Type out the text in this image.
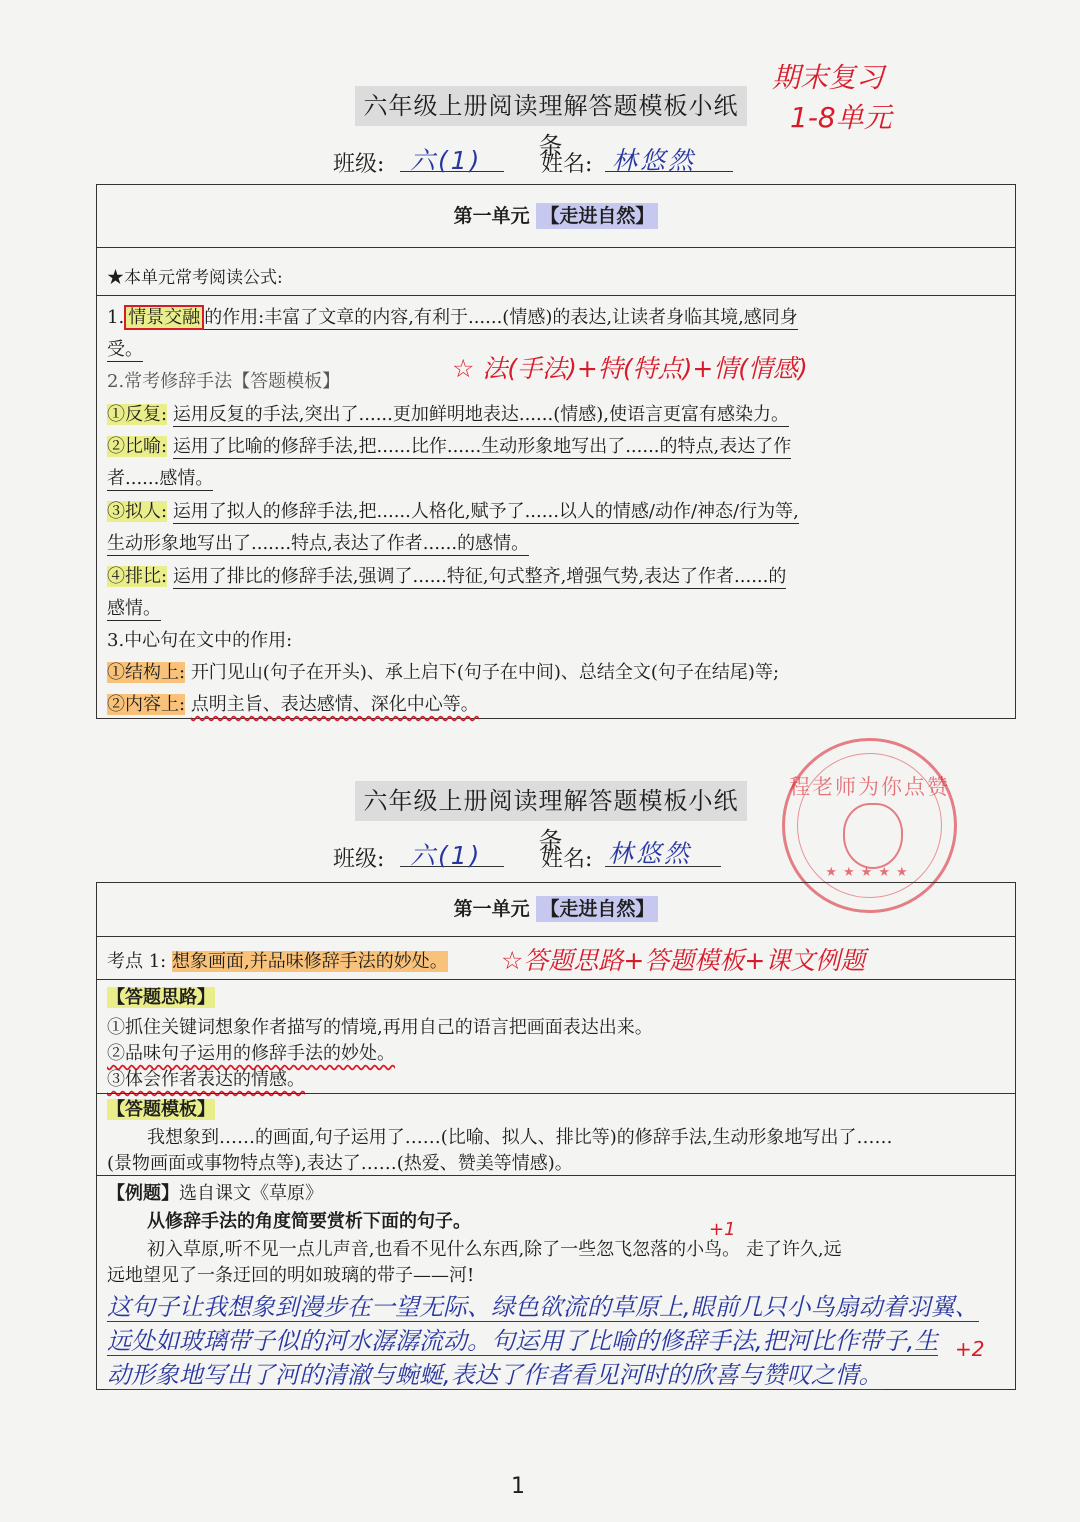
期末复习
1-8单元
六年级上册阅读理解答题模板小纸条
班级: 六(1)	姓名: 林悠然
第一单元 【走进自然】
★本单元常考阅读公式:
1. 情景交融 的作用:丰富了文章的内容,有利于......(情感)的表达,让读者身临其境,感同身
受。
2.常考修辞手法【答题模板】	☆ 法(手法)+特(特点)+情(情感)
①反复: 运用反复的手法,突出了......更加鲜明地表达......(情感),使语言更富有感染力。
②比喻: 运用了比喻的修辞手法,把......比作......生动形象地写出了......的特点,表达了作
者......感情。
③拟人: 运用了拟人的修辞手法,把......人格化,赋予了......以人的情感/动作/神态/行为等,
生动形象地写出了.......特点,表达了作者......的感情。
④排比: 运用了排比的修辞手法,强调了......特征,句式整齐,增强气势,表达了作者......的
感情。
3.中心句在文中的作用:
①结构上: 开门见山(句子在开头)、承上启下(句子在中间)、总结全文(句子在结尾)等;
②内容上: 点明主旨、表达感情、深化中心等。
程老师为你点赞
★★★★★
六年级上册阅读理解答题模板小纸条
班级: 六(1)	姓名: 林悠然
第一单元 【走进自然】
考点 1: 想象画面,并品味修辞手法的妙处。	☆答题思路+答题模板+课文例题
【答题思路】
①抓住关键词想象作者描写的情境,再用自己的语言把画面表达出来。
②品味句子运用的修辞手法的妙处。
③体会作者表达的情感。
【答题模板】
我想象到……的画面,句子运用了……(比喻、拟人、排比等)的修辞手法,生动形象地写出了……
(景物画面或事物特点等),表达了……(热爱、赞美等情感)。
【例题】选自课文《草原》
从修辞手法的角度简要赏析下面的句子。
初入草原,听不见一点儿声音,也看不见什么东西,除了一些忽飞忽落的小鸟。 走了许久,远
远地望见了一条迂回的明如玻璃的带子——河!
+1
这句子让我想象到漫步在一望无际、绿色欲流的草原上,眼前几只小鸟扇动着羽翼、
远处如玻璃带子似的河水潺潺流动。句运用了比喻的修辞手法,把河比作带子,生
动形象地写出了河的清澈与蜿蜒,表达了作者看见河时的欣喜与赞叹之情。
+2
1
